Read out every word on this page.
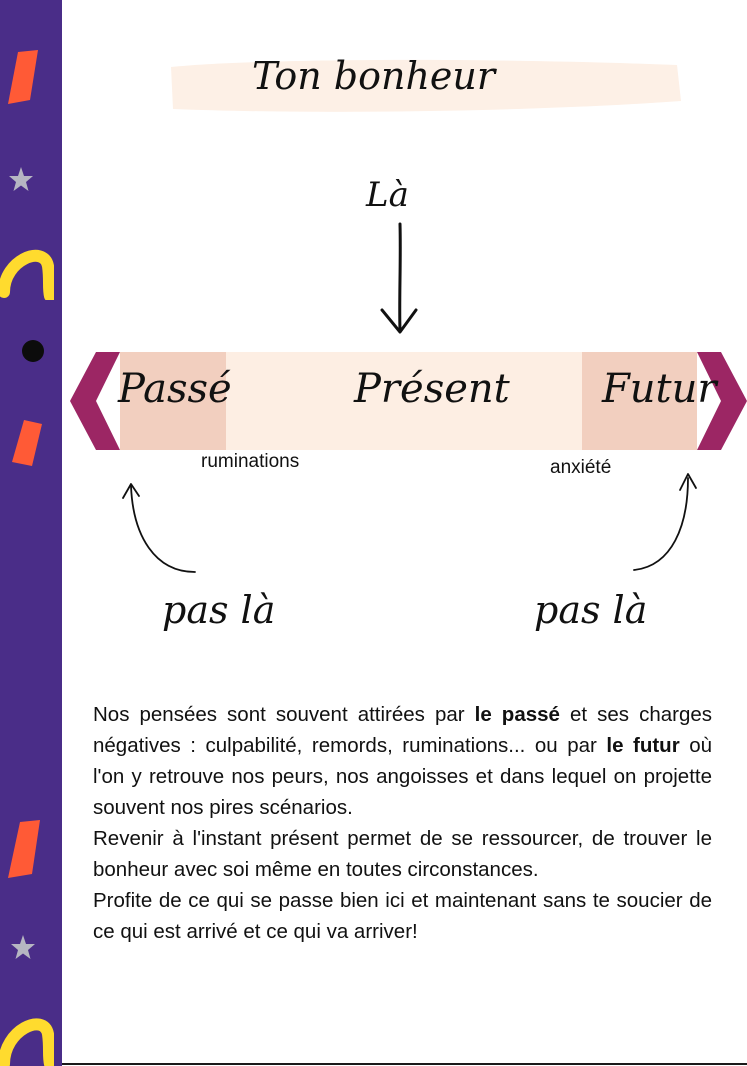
Ton bonheur
Là
Passé	Présent Futur
ruminations	anxiété
pas là	pas là

Nos pensées sont souvent attirées par le passé et ses charges négatives : culpabilité, remords, ruminations... ou par le futur où l'on y retrouve nos peurs, nos angoisses et dans lequel on projette souvent nos pires scénarios.

Revenir à l'instant présent permet de se ressourcer, de trouver le bonheur avec soi même en toutes circonstances.

Profite de ce qui se passe bien ici et maintenant sans te soucier de ce qui est arrivé et ce qui va arriver!
